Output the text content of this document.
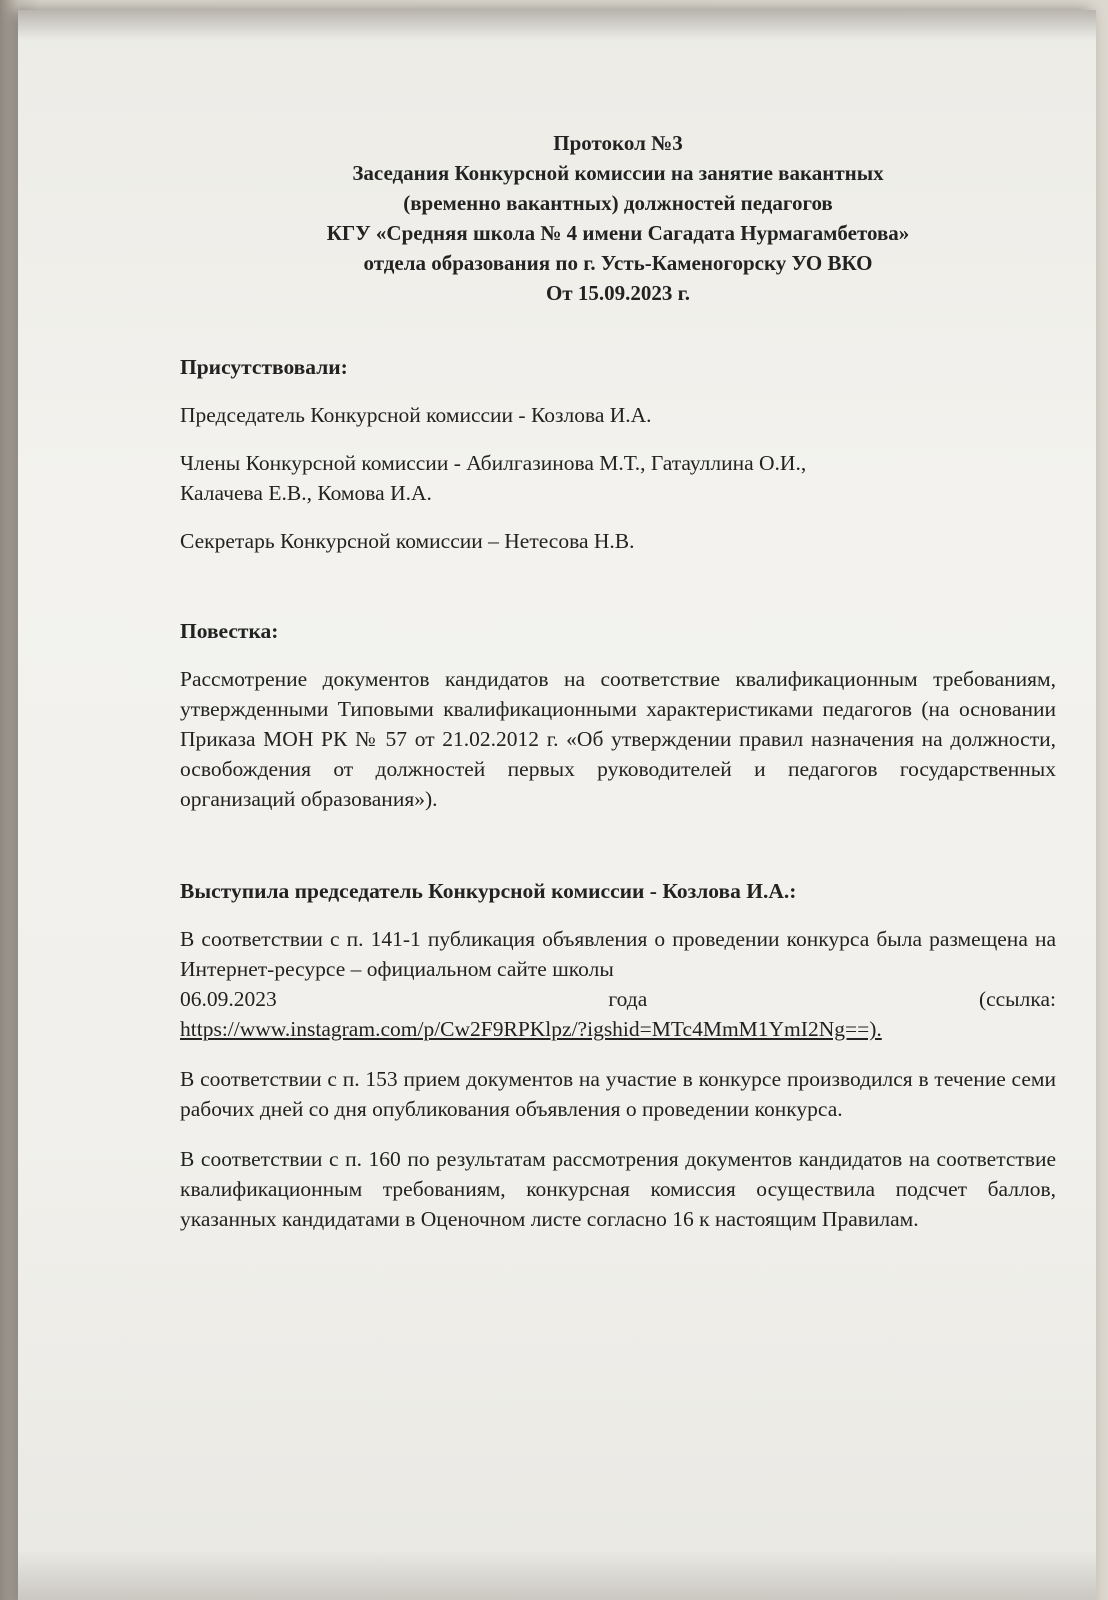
Протокол №3
Заседания Конкурсной комиссии на занятие вакантных
(временно вакантных) должностей педагогов
КГУ «Средняя школа № 4 имени Сагадата Нурмагамбетова»
отдела образования по г. Усть-Каменогорску УО ВКО
От 15.09.2023 г.
Присутствовали:
Председатель Конкурсной комиссии - Козлова И.А.
Члены Конкурсной комиссии - Абилгазинова М.Т., Гатауллина О.И.,
Калачева Е.В., Комова И.А.
Секретарь Конкурсной комиссии – Нетесова Н.В.
Повестка:
Рассмотрение документов кандидатов на соответствие квалификационным требованиям, утвержденными Типовыми квалификационными характеристиками педагогов (на основании Приказа МОН РК № 57 от 21.02.2012 г. «Об утверждении правил назначения на должности, освобождения от должностей первых руководителей и педагогов государственных организаций образования»).
Выступила председатель Конкурсной комиссии - Козлова И.А.:
В соответствии с п. 141-1 публикация объявления о проведении конкурса была размещена на Интернет-ресурсе – официальном сайте школы
06.09.2023	года	(ссылка:
https://www.instagram.com/p/Cw2F9RPKlpz/?igshid=MTc4MmM1YmI2Ng==).
В соответствии с п. 153 прием документов на участие в конкурсе производился в течение семи рабочих дней со дня опубликования объявления о проведении конкурса.
В соответствии с п. 160 по результатам рассмотрения документов кандидатов на соответствие квалификационным требованиям, конкурсная комиссия осуществила подсчет баллов, указанных кандидатами в Оценочном листе согласно 16 к настоящим Правилам.
